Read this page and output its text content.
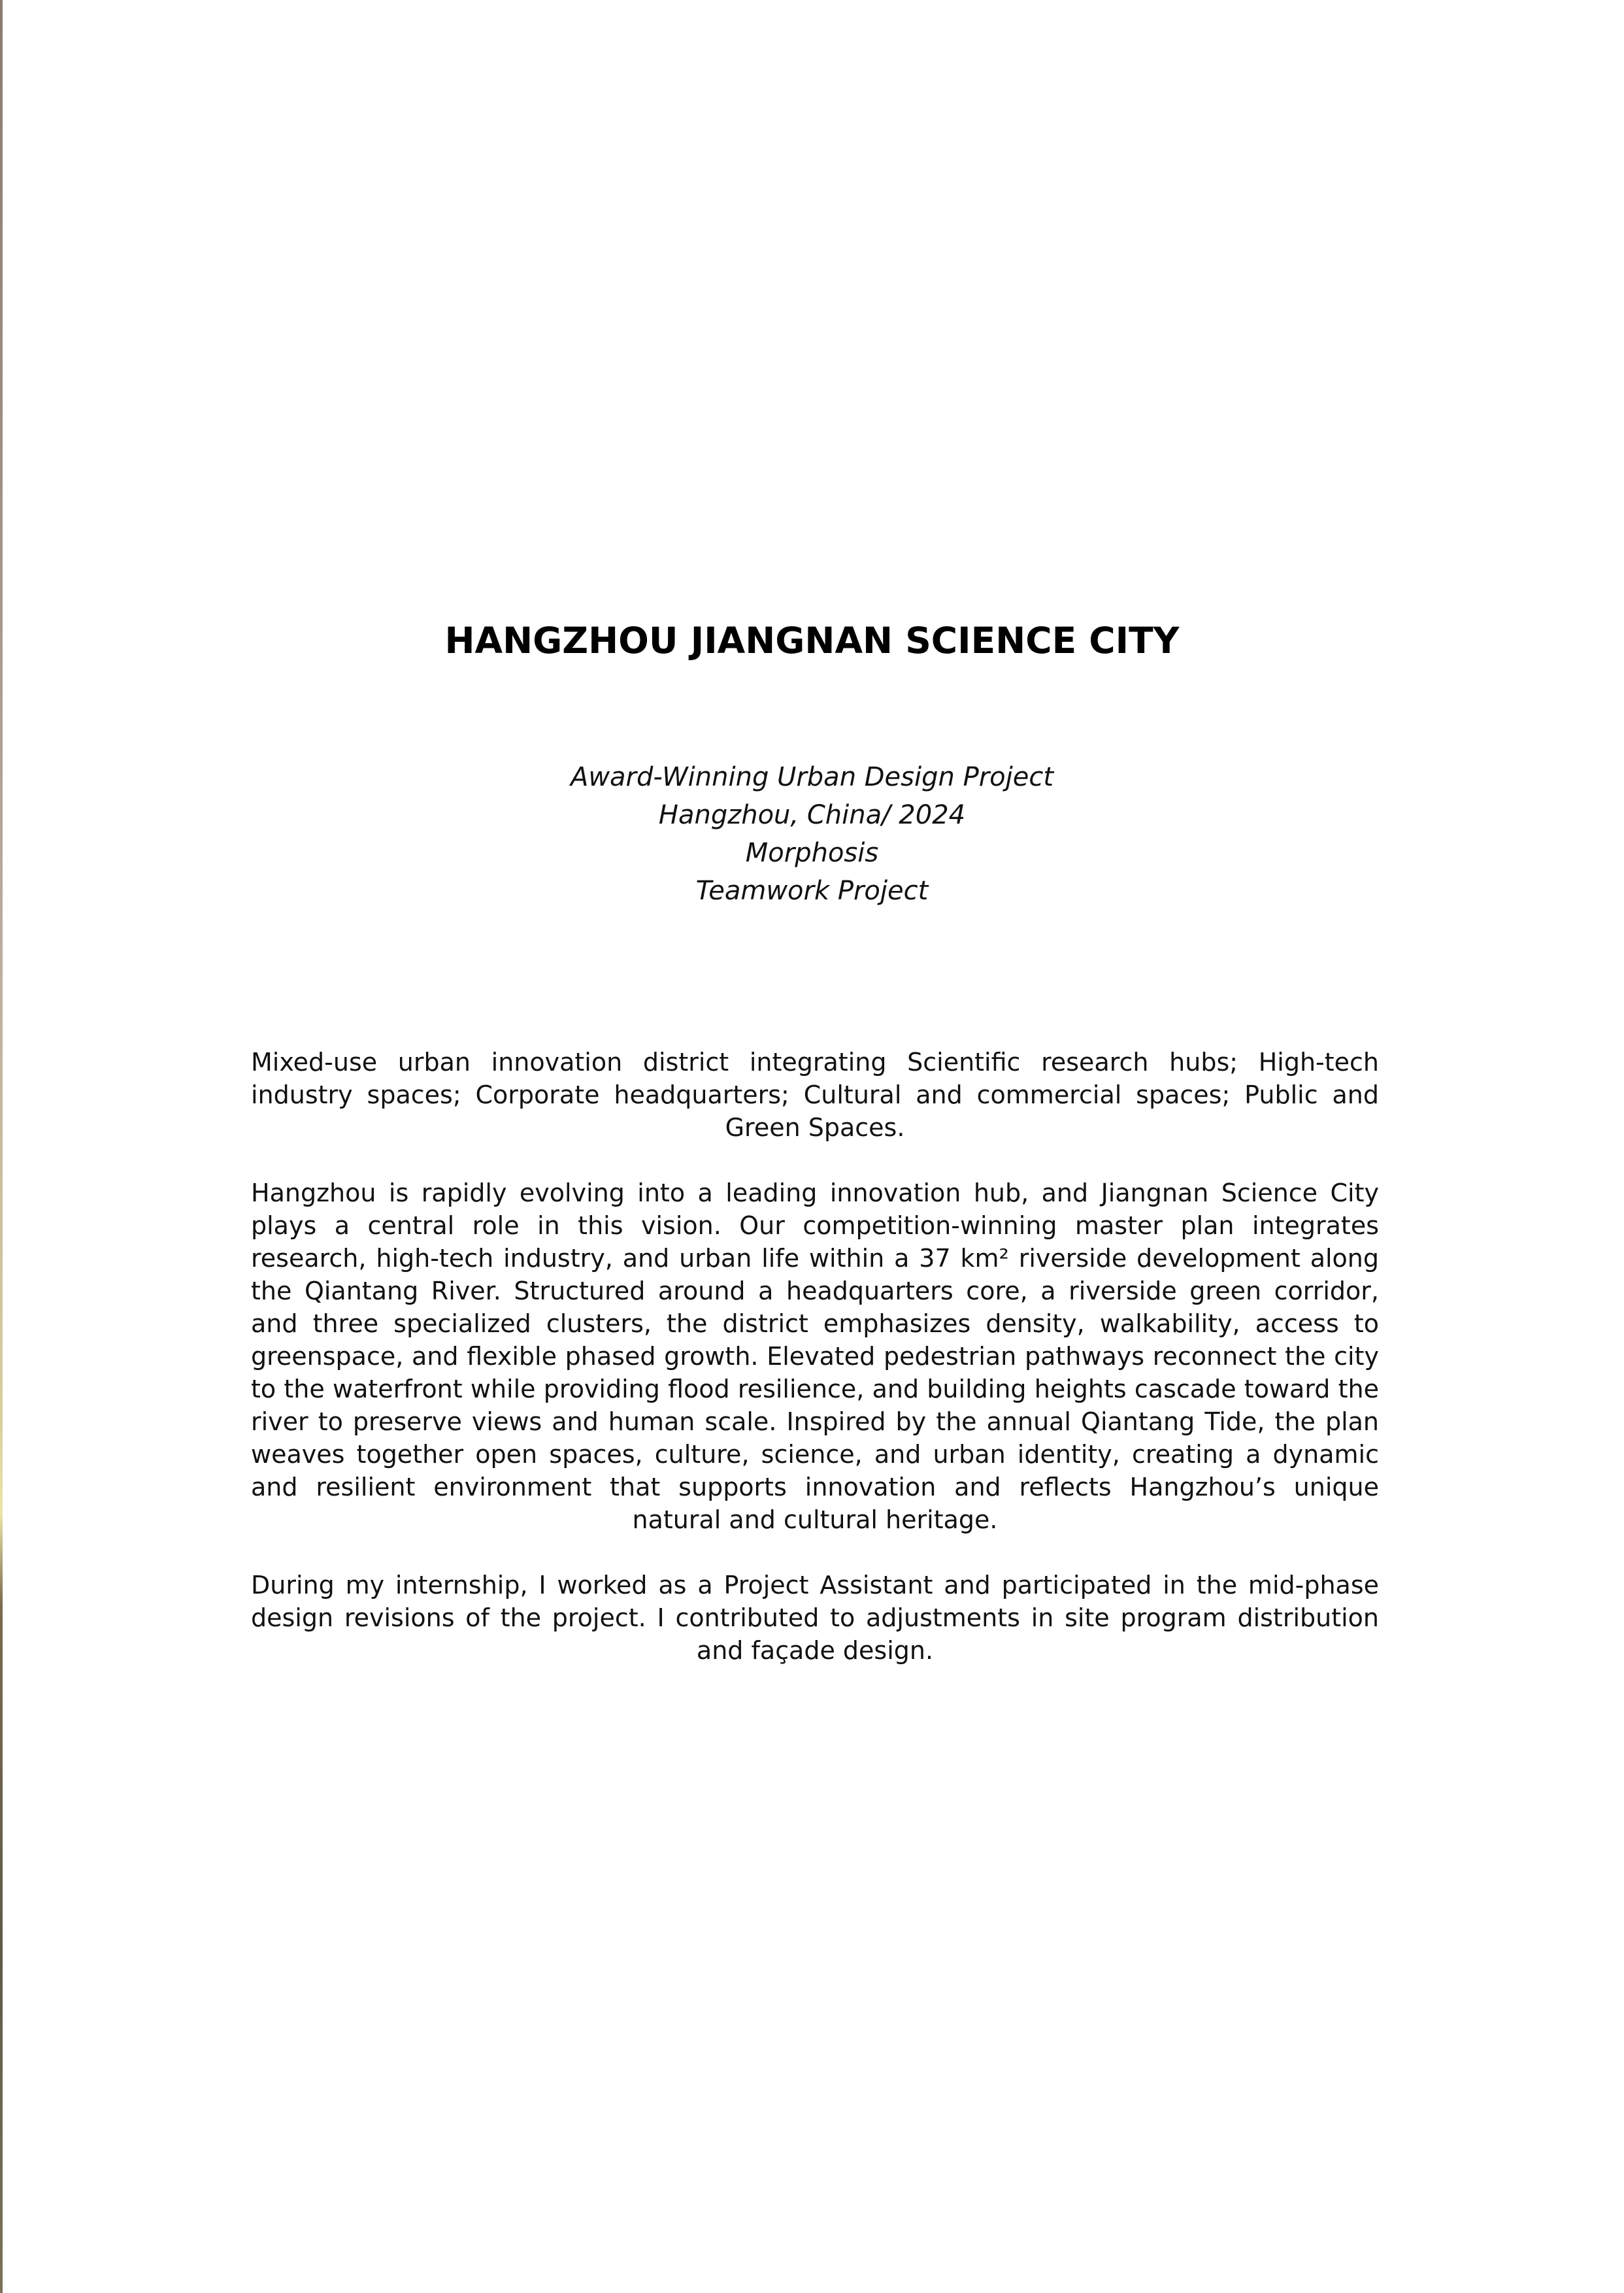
HANGZHOU JIANGNAN SCIENCE CITY
Award-Winning Urban Design Project
Hangzhou, China/ 2024
Morphosis
Teamwork Project

Mixed-use urban innovation district integrating Scientific research hubs; High-tech industry spaces; Corporate headquarters; Cultural and commercial spaces; Public and Green Spaces.

Hangzhou is rapidly evolving into a leading innovation hub, and Jiangnan Science City plays a central role in this vision. Our competition-winning master plan integrates research, high-tech industry, and urban life within a 37 km² riverside development along the Qiantang River. Structured around a headquarters core, a riverside green corridor, and three specialized clusters, the district emphasizes density, walkability, access to greenspace, and flexible phased growth. Elevated pedestrian pathways reconnect the city to the waterfront while providing flood resilience, and building heights cascade toward the river to preserve views and human scale. Inspired by the annual Qiantang Tide, the plan weaves together open spaces, culture, science, and urban identity, creating a dynamic and resilient environment that supports innovation and reflects Hangzhou’s unique natural and cultural heritage.

During my internship, I worked as a Project Assistant and participated in the mid-phase design revisions of the project. I contributed to adjustments in site program distribution and façade design.
